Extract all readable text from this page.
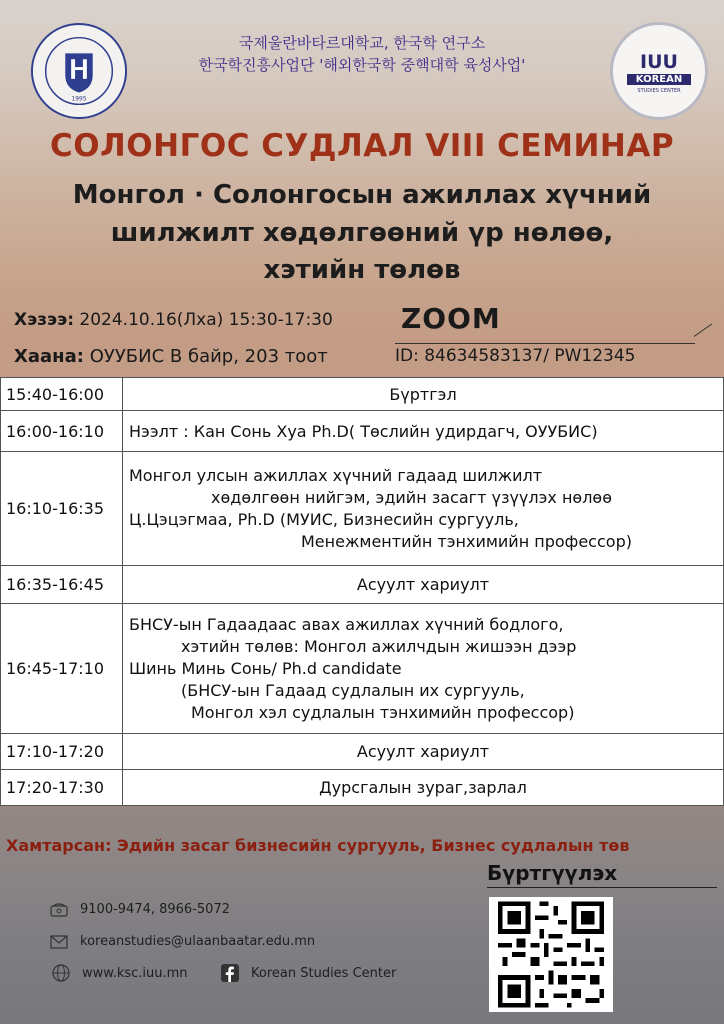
1995
IUU
KOREAN
STUDIES CENTER
국제울란바타르대학교, 한국학 연구소
한국학진흥사업단 '해외한국학 중핵대학 육성사업'
СОЛОНГОС СУДЛАЛ VIII СЕМИНАР
Монгол · Солонгосын ажиллах хүчний
шилжилт хөдөлгөөний үр нөлөө,
хэтийн төлөв
Хэзээ: 2024.10.16(Лха) 15:30-17:30
Хаана: ОУУБИС В байр, 203 тоот
ZOOM
ID: 84634583137/ PW12345
15:40-16:00	Бүртгэл
16:00-16:10	Нээлт : Кан Сонь Хуа Ph.D( Төслийн удирдагч, ОУУБИС)
16:10-16:35	Монгол улсын ажиллах хүчний гадаад шилжилт
хөдөлгөөн нийгэм, эдийн засагт үзүүлэх нөлөө
Ц.Цэцэгмаа, Ph.D (МУИС, Бизнесийн сургууль,
Менежментийн тэнхимийн профессор)

16:35-16:45	Асуулт хариулт
16:45-17:10	БНСУ-ын Гадаадаас авах ажиллах хүчний бодлого,
хэтийн төлөв: Монгол ажилчдын жишээн дээр
Шинь Минь Сонь/ Ph.d candidate
(БНСУ-ын Гадаад судлалын их сургууль,
Монгол хэл судлалын тэнхимийн профессор)

17:10-17:20	Асуулт хариулт
17:20-17:30	Дурсгалын зураг,зарлал
Хамтарсан: Эдийн засаг бизнесийн сургууль, Бизнес судлалын төв
Бүртгүүлэх
9100-9474, 8966-5072
koreanstudies@ulaanbaatar.edu.mn
www.ksc.iuu.mn	Korean Studies Center
